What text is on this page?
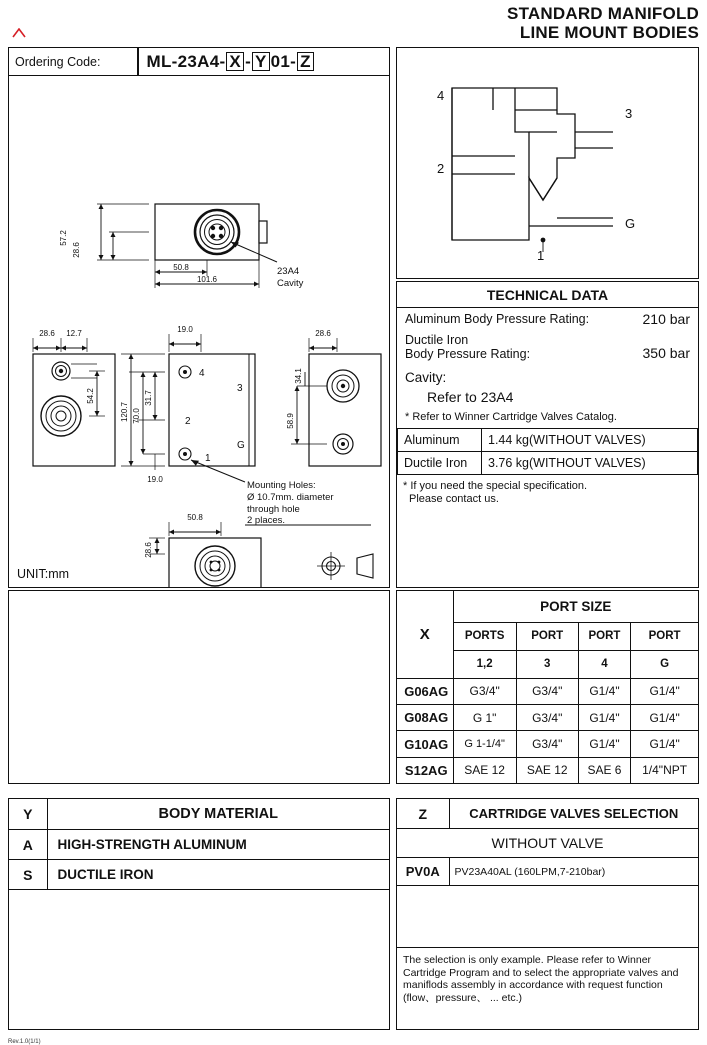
STANDARD MANIFOLD
LINE MOUNT BODIES
Ordering Code:	ML-23A4- X - Y 01- Z
57.2
28.6
50.8
101.6
28.6 12.7
54.2
19.0
31.7
70.0
120.7
19.0
28.6
34.1
58.9
50.8
28.6
4
2
1
3
G
23A4
Cavity
Mounting Holes:
Ø 10.7mm. diameter
through hole
2 places.
UNIT:mm
4
2
3
G
1
TECHNICAL DATA
Aluminum Body Pressure Rating:	210 bar
Ductile Iron
Body Pressure Rating:	350 bar
Cavity:
Refer to 23A4
* Refer to Winner Cartridge Valves Catalog.
Aluminum	1.44 kg(WITHOUT VALVES)
Ductile Iron	3.76 kg(WITHOUT VALVES)
* If you need the special specification.
Please contact us.
X	PORT SIZE			
	PORTS	PORT	PORT	PORT
	1,2	3	4	G
G06AG	G3/4"	G3/4"	G1/4"	G1/4"
G08AG	G 1"	G3/4"	G1/4"	G1/4"
G10AG	G 1-1/4"	G3/4"	G1/4"	G1/4"
S12AG	SAE 12	SAE 12	SAE 6	1/4"NPT
Y	BODY MATERIAL
A	HIGH-STRENGTH ALUMINUM
S	DUCTILE IRON
Z	CARTRIDGE VALVES SELECTION
WITHOUT VALVE	
PV0A	PV23A40AL (160LPM,7-210bar)

The selection is only example. Please refer to Winner Cartridge Program and to select the appropriate valves and maniflods assembly in accordance with request function (flow、pressure、 ... etc.)	
Rev.1.0(1/1)
